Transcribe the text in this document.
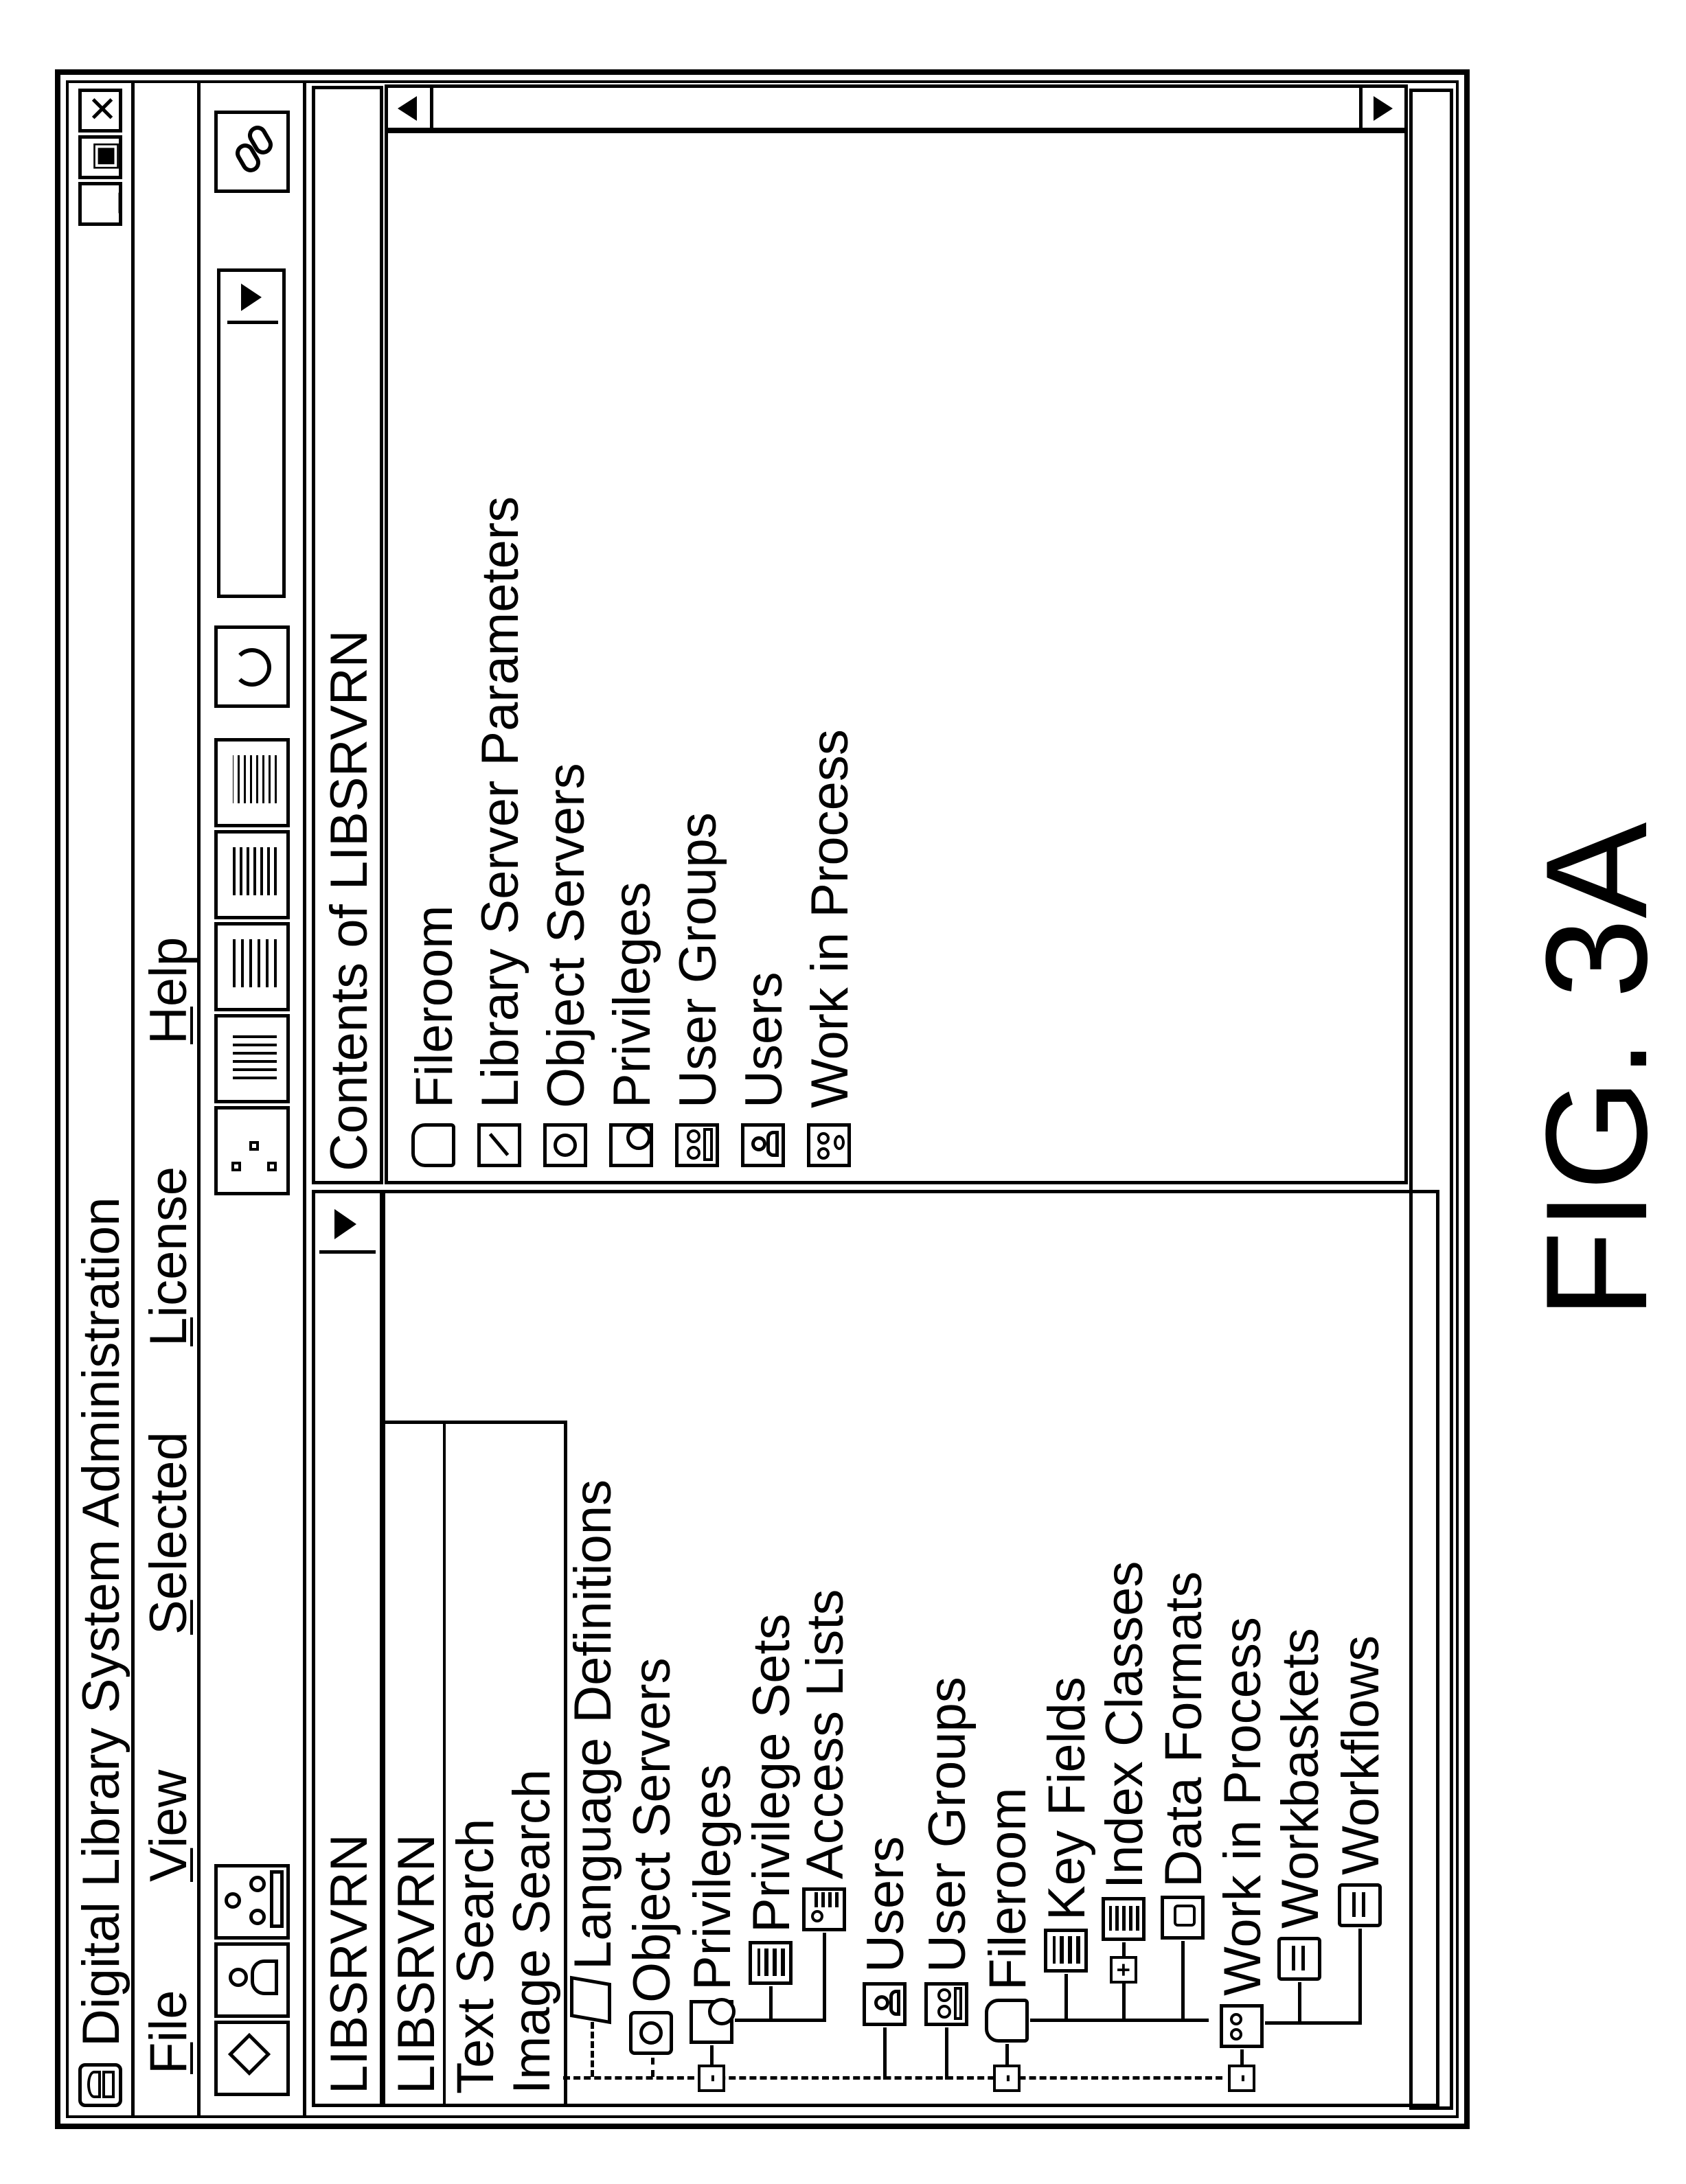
Digital Library System Administration
_
▣
✕
File
View
Selected
License
Help
LIBSRVRN LIBSRVRN Text Search
Image Search Language Definitions Object Servers
-
Privileges Privilege Sets
Access Lists
Users User Groups
-
Fileroom Key Fields
+
Index Classes Data Formats
-
Work in Process Workbaskets Workflows
Contents of LIBSRVRN Fileroom Library Server Parameters Object Servers Privileges User Groups Users Work in Process	FIG. 3A
